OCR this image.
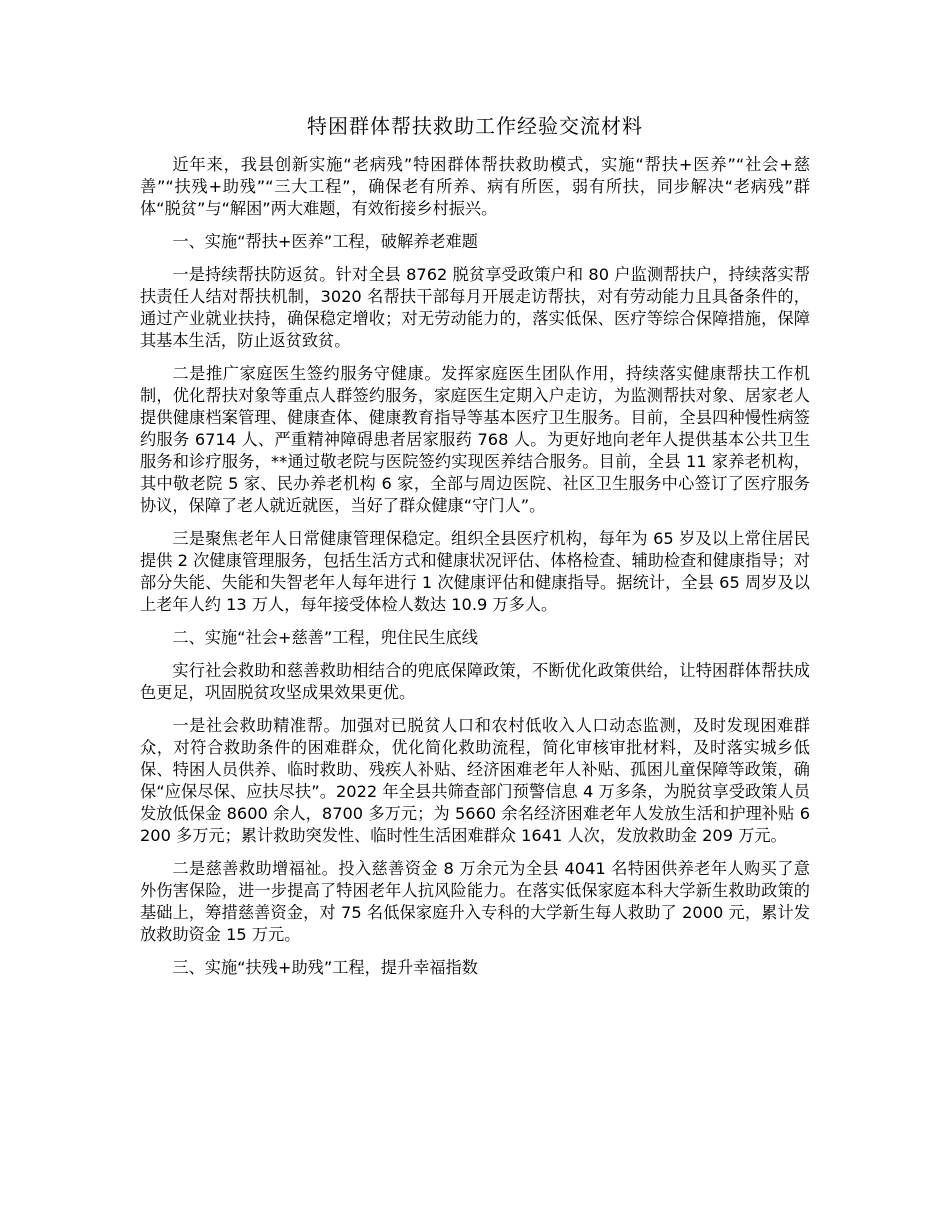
特困群体帮扶救助工作经验交流材料

近年来，我县创新实施“老病残”特困群体帮扶救助模式，实施“帮扶+医养”“社会+慈善”“扶残+助残”“三大工程”，确保老有所养、病有所医，弱有所扶，同步解决“老病残”群体“脱贫”与“解困”两大难题，有效衔接乡村振兴。

一、实施“帮扶+医养”工程，破解养老难题

一是持续帮扶防返贫。针对全县 8762 脱贫享受政策户和 80 户监测帮扶户，持续落实帮扶责任人结对帮扶机制，3020 名帮扶干部每月开展走访帮扶，对有劳动能力且具备条件的，通过产业就业扶持，确保稳定增收；对无劳动能力的，落实低保、医疗等综合保障措施，保障其基本生活，防止返贫致贫。

二是推广家庭医生签约服务守健康。发挥家庭医生团队作用，持续落实健康帮扶工作机制，优化帮扶对象等重点人群签约服务，家庭医生定期入户走访，为监测帮扶对象、居家老人提供健康档案管理、健康查体、健康教育指导等基本医疗卫生服务。目前，全县四种慢性病签约服务 6714 人、严重精神障碍患者居家服药 768 人。为更好地向老年人提供基本公共卫生服务和诊疗服务，**通过敬老院与医院签约实现医养结合服务。目前，全县 11 家养老机构，其中敬老院 5 家、民办养老机构 6 家，全部与周边医院、社区卫生服务中心签订了医疗服务协议，保障了老人就近就医，当好了群众健康“守门人”。

三是聚焦老年人日常健康管理保稳定。组织全县医疗机构，每年为 65 岁及以上常住居民提供 2 次健康管理服务，包括生活方式和健康状况评估、体格检查、辅助检查和健康指导；对部分失能、失能和失智老年人每年进行 1 次健康评估和健康指导。据统计，全县 65 周岁及以上老年人约 13 万人，每年接受体检人数达 10.9 万多人。

二、实施“社会+慈善”工程，兜住民生底线

实行社会救助和慈善救助相结合的兜底保障政策，不断优化政策供给，让特困群体帮扶成色更足，巩固脱贫攻坚成果效果更优。

一是社会救助精准帮。加强对已脱贫人口和农村低收入人口动态监测，及时发现困难群众，对符合救助条件的困难群众，优化简化救助流程，简化审核审批材料，及时落实城乡低保、特困人员供养、临时救助、残疾人补贴、经济困难老年人补贴、孤困儿童保障等政策，确保“应保尽保、应扶尽扶”。2022 年全县共筛查部门预警信息 4 万多条，为脱贫享受政策人员发放低保金 8600 余人，8700 多万元；为 5660 余名经济困难老年人发放生活和护理补贴 6200 多万元；累计救助突发性、临时性生活困难群众 1641 人次，发放救助金 209 万元。

二是慈善救助增福祉。投入慈善资金 8 万余元为全县 4041 名特困供养老年人购买了意外伤害保险，进一步提高了特困老年人抗风险能力。在落实低保家庭本科大学新生救助政策的基础上，筹措慈善资金，对 75 名低保家庭升入专科的大学新生每人救助了 2000 元，累计发放救助资金 15 万元。

三、实施“扶残+助残”工程，提升幸福指数
